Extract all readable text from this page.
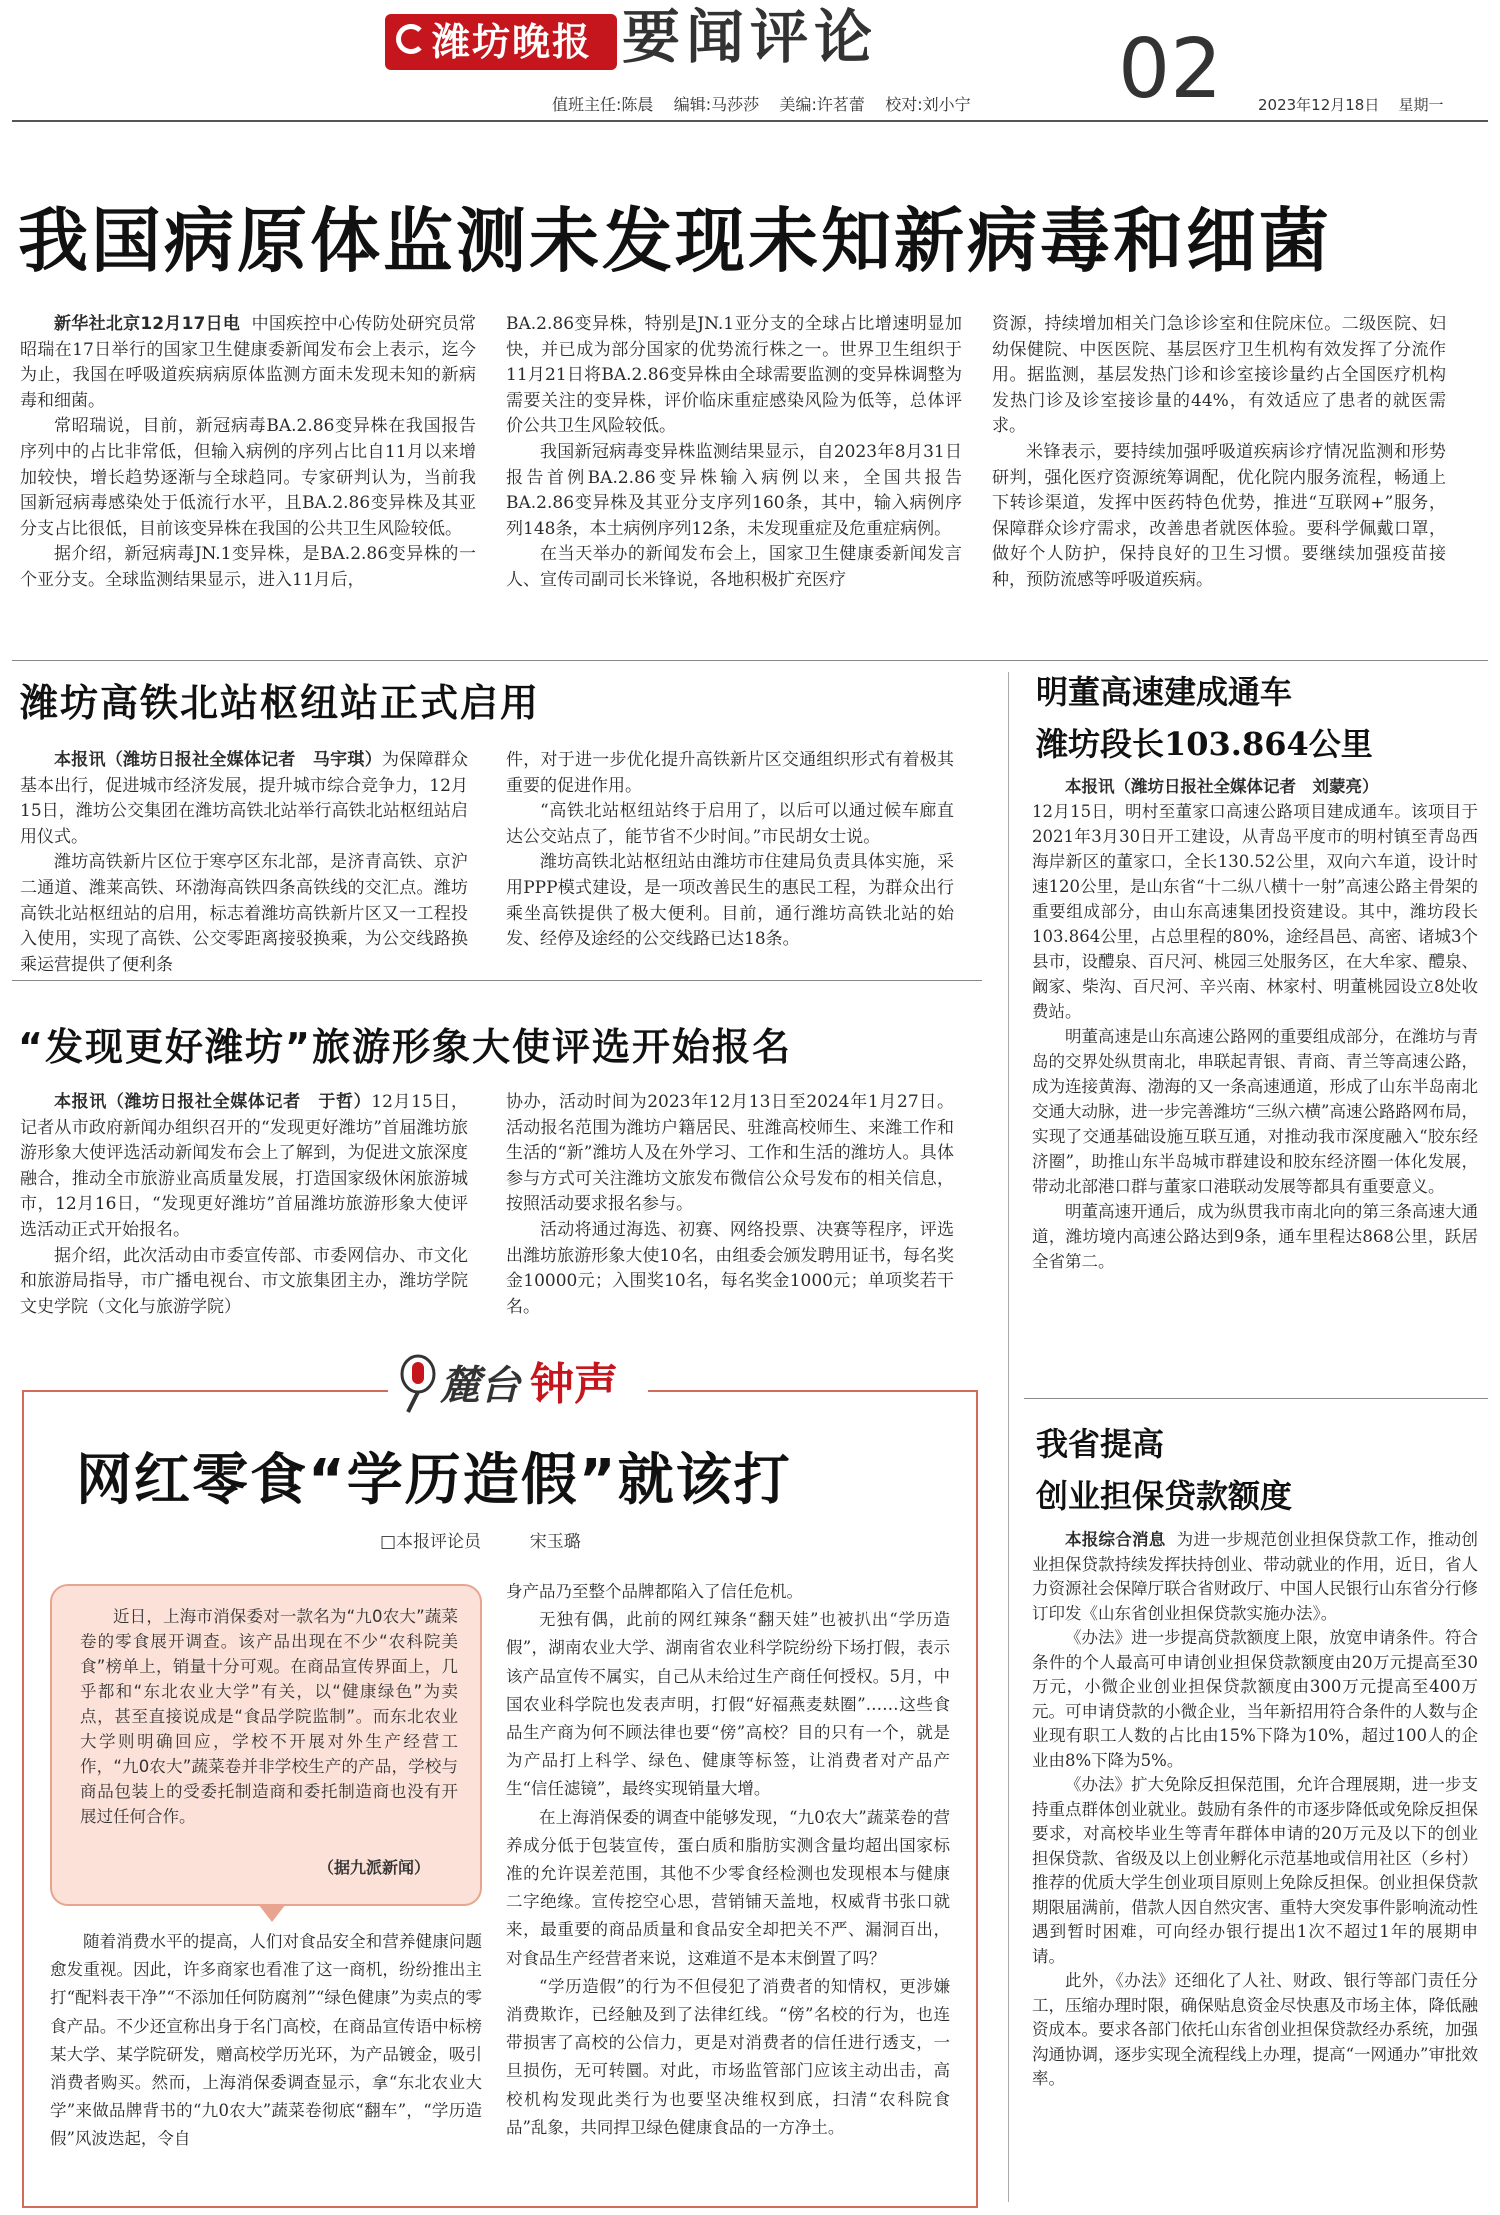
潍坊晚报 要闻评论	02
值班主任:陈晨 编辑:马莎莎 美编:许茗蕾 校对:刘小宁	2023年12月18日 星期一
我国病原体监测未发现未知新病毒和细菌

新华社北京12月17日电 中国疾控中心传防处研究员常昭瑞在17日举行的国家卫生健康委新闻发布会上表示，迄今为止，我国在呼吸道疾病病原体监测方面未发现未知的新病毒和细菌。

常昭瑞说，目前，新冠病毒BA.2.86变异株在我国报告序列中的占比非常低，但输入病例的序列占比自11月以来增加较快，增长趋势逐渐与全球趋同。专家研判认为，当前我国新冠病毒感染处于低流行水平，且BA.2.86变异株及其亚分支占比很低，目前该变异株在我国的公共卫生风险较低。

据介绍，新冠病毒JN.1变异株，是BA.2.86变异株的一个亚分支。全球监测结果显示，进入11月后，

BA.2.86变异株，特别是JN.1亚分支的全球占比增速明显加快，并已成为部分国家的优势流行株之一。世界卫生组织于11月21日将BA.2.86变异株由全球需要监测的变异株调整为需要关注的变异株，评价临床重症感染风险为低等，总体评价公共卫生风险较低。

我国新冠病毒变异株监测结果显示，自2023年8月31日报告首例BA.2.86变异株输入病例以来，全国共报告BA.2.86变异株及其亚分支序列160条，其中，输入病例序列148条，本土病例序列12条，未发现重症及危重症病例。

在当天举办的新闻发布会上，国家卫生健康委新闻发言人、宣传司副司长米锋说，各地积极扩充医疗

资源，持续增加相关门急诊诊室和住院床位。二级医院、妇幼保健院、中医医院、基层医疗卫生机构有效发挥了分流作用。据监测，基层发热门诊和诊室接诊量约占全国医疗机构发热门诊及诊室接诊量的44%，有效适应了患者的就医需求。

米锋表示，要持续加强呼吸道疾病诊疗情况监测和形势研判，强化医疗资源统筹调配，优化院内服务流程，畅通上下转诊渠道，发挥中医药特色优势，推进“互联网+”服务，保障群众诊疗需求，改善患者就医体验。要科学佩戴口罩，做好个人防护，保持良好的卫生习惯。要继续加强疫苗接种，预防流感等呼吸道疾病。

潍坊高铁北站枢纽站正式启用

本报讯（潍坊日报社全媒体记者　马宇琪）为保障群众基本出行，促进城市经济发展，提升城市综合竞争力，12月15日，潍坊公交集团在潍坊高铁北站举行高铁北站枢纽站启用仪式。

潍坊高铁新片区位于寒亭区东北部，是济青高铁、京沪二通道、潍莱高铁、环渤海高铁四条高铁线的交汇点。潍坊高铁北站枢纽站的启用，标志着潍坊高铁新片区又一工程投入使用，实现了高铁、公交零距离接驳换乘，为公交线路换乘运营提供了便利条

件，对于进一步优化提升高铁新片区交通组织形式有着极其重要的促进作用。

“高铁北站枢纽站终于启用了，以后可以通过候车廊直达公交站点了，能节省不少时间。”市民胡女士说。

潍坊高铁北站枢纽站由潍坊市住建局负责具体实施，采用PPP模式建设，是一项改善民生的惠民工程，为群众出行乘坐高铁提供了极大便利。目前，通行潍坊高铁北站的始发、经停及途经的公交线路已达18条。

“发现更好潍坊”旅游形象大使评选开始报名

本报讯（潍坊日报社全媒体记者　于哲）12月15日，记者从市政府新闻办组织召开的“发现更好潍坊”首届潍坊旅游形象大使评选活动新闻发布会上了解到，为促进文旅深度融合，推动全市旅游业高质量发展，打造国家级休闲旅游城市，12月16日，“发现更好潍坊”首届潍坊旅游形象大使评选活动正式开始报名。

据介绍，此次活动由市委宣传部、市委网信办、市文化和旅游局指导，市广播电视台、市文旅集团主办，潍坊学院文史学院（文化与旅游学院）

协办，活动时间为2023年12月13日至2024年1月27日。活动报名范围为潍坊户籍居民、驻潍高校师生、来潍工作和生活的“新”潍坊人及在外学习、工作和生活的潍坊人。具体参与方式可关注潍坊文旅发布微信公众号发布的相关信息，按照活动要求报名参与。

活动将通过海选、初赛、网络投票、决赛等程序，评选出潍坊旅游形象大使10名，由组委会颁发聘用证书，每名奖金10000元；入围奖10名，每名奖金1000元；单项奖若干名。

明董高速建成通车
潍坊段长103.864公里

本报讯（潍坊日报社全媒体记者　刘蒙亮）

12月15日，明村至董家口高速公路项目建成通车。该项目于2021年3月30日开工建设，从青岛平度市的明村镇至青岛西海岸新区的董家口，全长130.52公里，双向六车道，设计时速120公里，是山东省“十二纵八横十一射”高速公路主骨架的重要组成部分，由山东高速集团投资建设。其中，潍坊段长103.864公里，占总里程的80%，途经昌邑、高密、诸城3个县市，设醴泉、百尺河、桃园三处服务区，在大牟家、醴泉、阚家、柴沟、百尺河、辛兴南、林家村、明董桃园设立8处收费站。

明董高速是山东高速公路网的重要组成部分，在潍坊与青岛的交界处纵贯南北，串联起青银、青商、青兰等高速公路，成为连接黄海、渤海的又一条高速通道，形成了山东半岛南北交通大动脉，进一步完善潍坊“三纵六横”高速公路路网布局，实现了交通基础设施互联互通，对推动我市深度融入“胶东经济圈”，助推山东半岛城市群建设和胶东经济圈一体化发展，带动北部港口群与董家口港联动发展等都具有重要意义。

明董高速开通后，成为纵贯我市南北向的第三条高速大通道，潍坊境内高速公路达到9条，通车里程达868公里，跃居全省第二。

我省提高
创业担保贷款额度

本报综合消息 为进一步规范创业担保贷款工作，推动创业担保贷款持续发挥扶持创业、带动就业的作用，近日，省人力资源社会保障厅联合省财政厅、中国人民银行山东省分行修订印发《山东省创业担保贷款实施办法》。

《办法》进一步提高贷款额度上限，放宽申请条件。符合条件的个人最高可申请创业担保贷款额度由20万元提高至30万元，小微企业创业担保贷款额度由300万元提高至400万元。可申请贷款的小微企业，当年新招用符合条件的人数与企业现有职工人数的占比由15%下降为10%，超过100人的企业由8%下降为5%。

《办法》扩大免除反担保范围，允许合理展期，进一步支持重点群体创业就业。鼓励有条件的市逐步降低或免除反担保要求，对高校毕业生等青年群体申请的20万元及以下的创业担保贷款、省级及以上创业孵化示范基地或信用社区（乡村）推荐的优质大学生创业项目原则上免除反担保。创业担保贷款期限届满前，借款人因自然灾害、重特大突发事件影响流动性遇到暂时困难，可向经办银行提出1次不超过1年的展期申请。

此外，《办法》还细化了人社、财政、银行等部门责任分工，压缩办理时限，确保贴息资金尽快惠及市场主体，降低融资成本。要求各部门依托山东省创业担保贷款经办系统，加强沟通协调，逐步实现全流程线上办理，提高“一网通办”审批效率。

麓台 钟声
网红零食“学历造假”就该打
□本报评论员	宋玉璐

近日，上海市消保委对一款名为“九0农大”蔬菜卷的零食展开调查。该产品出现在不少“农科院美食”榜单上，销量十分可观。在商品宣传界面上，几乎都和“东北农业大学”有关，以“健康绿色”为卖点，甚至直接说成是“食品学院监制”。而东北农业大学则明确回应，学校不开展对外生产经营工作，“九0农大”蔬菜卷并非学校生产的产品，学校与商品包装上的受委托制造商和委托制造商也没有开展过任何合作。

（据九派新闻）

随着消费水平的提高，人们对食品安全和营养健康问题愈发重视。因此，许多商家也看准了这一商机，纷纷推出主打“配料表干净”“不添加任何防腐剂”“绿色健康”为卖点的零食产品。不少还宣称出身于名门高校，在商品宣传语中标榜某大学、某学院研发，赠高校学历光环，为产品镀金，吸引消费者购买。然而，上海消保委调查显示，拿“东北农业大学”来做品牌背书的“九0农大”蔬菜卷彻底“翻车”，“学历造假”风波迭起，令自

身产品乃至整个品牌都陷入了信任危机。

无独有偶，此前的网红辣条“翻天娃”也被扒出“学历造假”，湖南农业大学、湖南省农业科学院纷纷下场打假，表示该产品宣传不属实，自己从未给过生产商任何授权。5月，中国农业科学院也发表声明，打假“好福燕麦麸圈”……这些食品生产商为何不顾法律也要“傍”高校？目的只有一个，就是为产品打上科学、绿色、健康等标签，让消费者对产品产生“信任滤镜”，最终实现销量大增。

在上海消保委的调查中能够发现，“九0农大”蔬菜卷的营养成分低于包装宣传，蛋白质和脂肪实测含量均超出国家标准的允许误差范围，其他不少零食经检测也发现根本与健康二字绝缘。宣传挖空心思，营销铺天盖地，权威背书张口就来，最重要的商品质量和食品安全却把关不严、漏洞百出，对食品生产经营者来说，这难道不是本末倒置了吗？

“学历造假”的行为不但侵犯了消费者的知情权，更涉嫌消费欺诈，已经触及到了法律红线。“傍”名校的行为，也连带损害了高校的公信力，更是对消费者的信任进行透支，一旦损伤，无可转圜。对此，市场监管部门应该主动出击，高校机构发现此类行为也要坚决维权到底，扫清“农科院食品”乱象，共同捍卫绿色健康食品的一方净土。
